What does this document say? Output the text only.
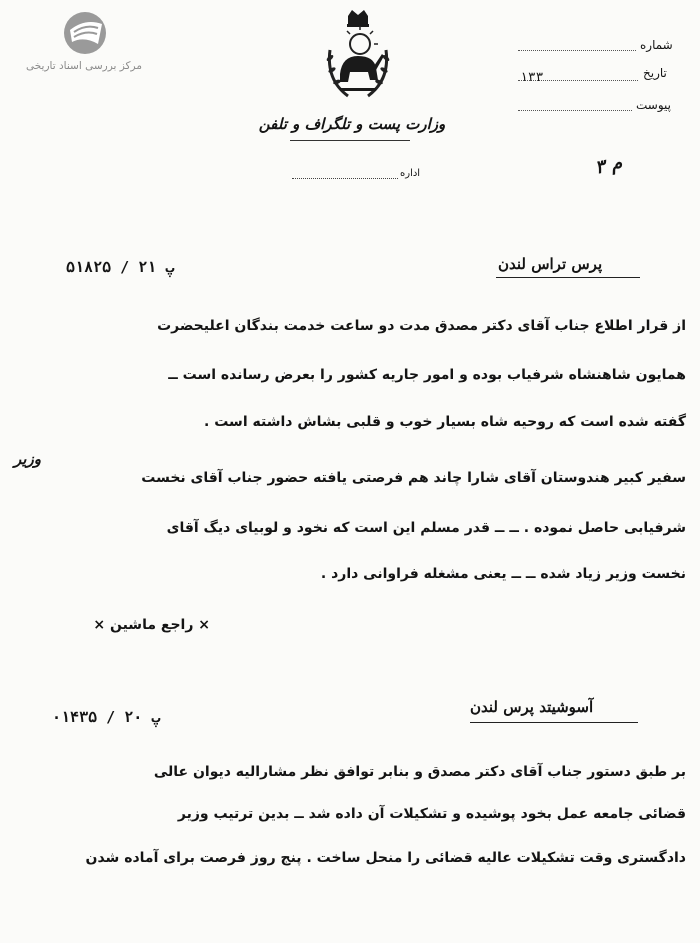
مرکز بررسی اسناد تاریخی
وزارت پست و تلگراف و تلفن
اداره
شماره
تاریخ
۱۳۳
پیوست
م ۳
پ ۲۱ / ۵۱۸۲۵	پرس تراس لندن
از قرار اطلاع جناب آقای دکتر مصدق مدت دو ساعت خدمت بندگان اعلیحضرت
همایون شاهنشاه شرفیاب بوده و امور جاریه کشور را بعرض رسانده است ــ
گفته شده است که روحیه شاه بسیار خوب و قلبی بشاش داشته است .
وزیر
سفیر کبیر هندوستان آقای شارا چاند هم فرصتی یافته حضور جناب آقای نخست
شرفیابی حاصل نموده . ــ ــ قدر مسلم این است که نخود و لوبیای دیگ آقای
نخست وزیر زیاد شده ــ ــ یعنی مشغله فراوانی دارد .
× راجع ماشین ×
پ ۲۰ / ۰۱۴۳۵
آسوشیتد پرس لندن
بر طبق دستور جناب آقای دکتر مصدق و بنابر توافق نظر مشارالیه دیوان عالی
قضائی جامعه عمل بخود پوشیده و تشکیلات آن داده شد ــ بدین ترتیب وزیر
دادگستری وقت تشکیلات عالیه قضائی را منحل ساخت . پنج روز فرصت برای آماده شدن
